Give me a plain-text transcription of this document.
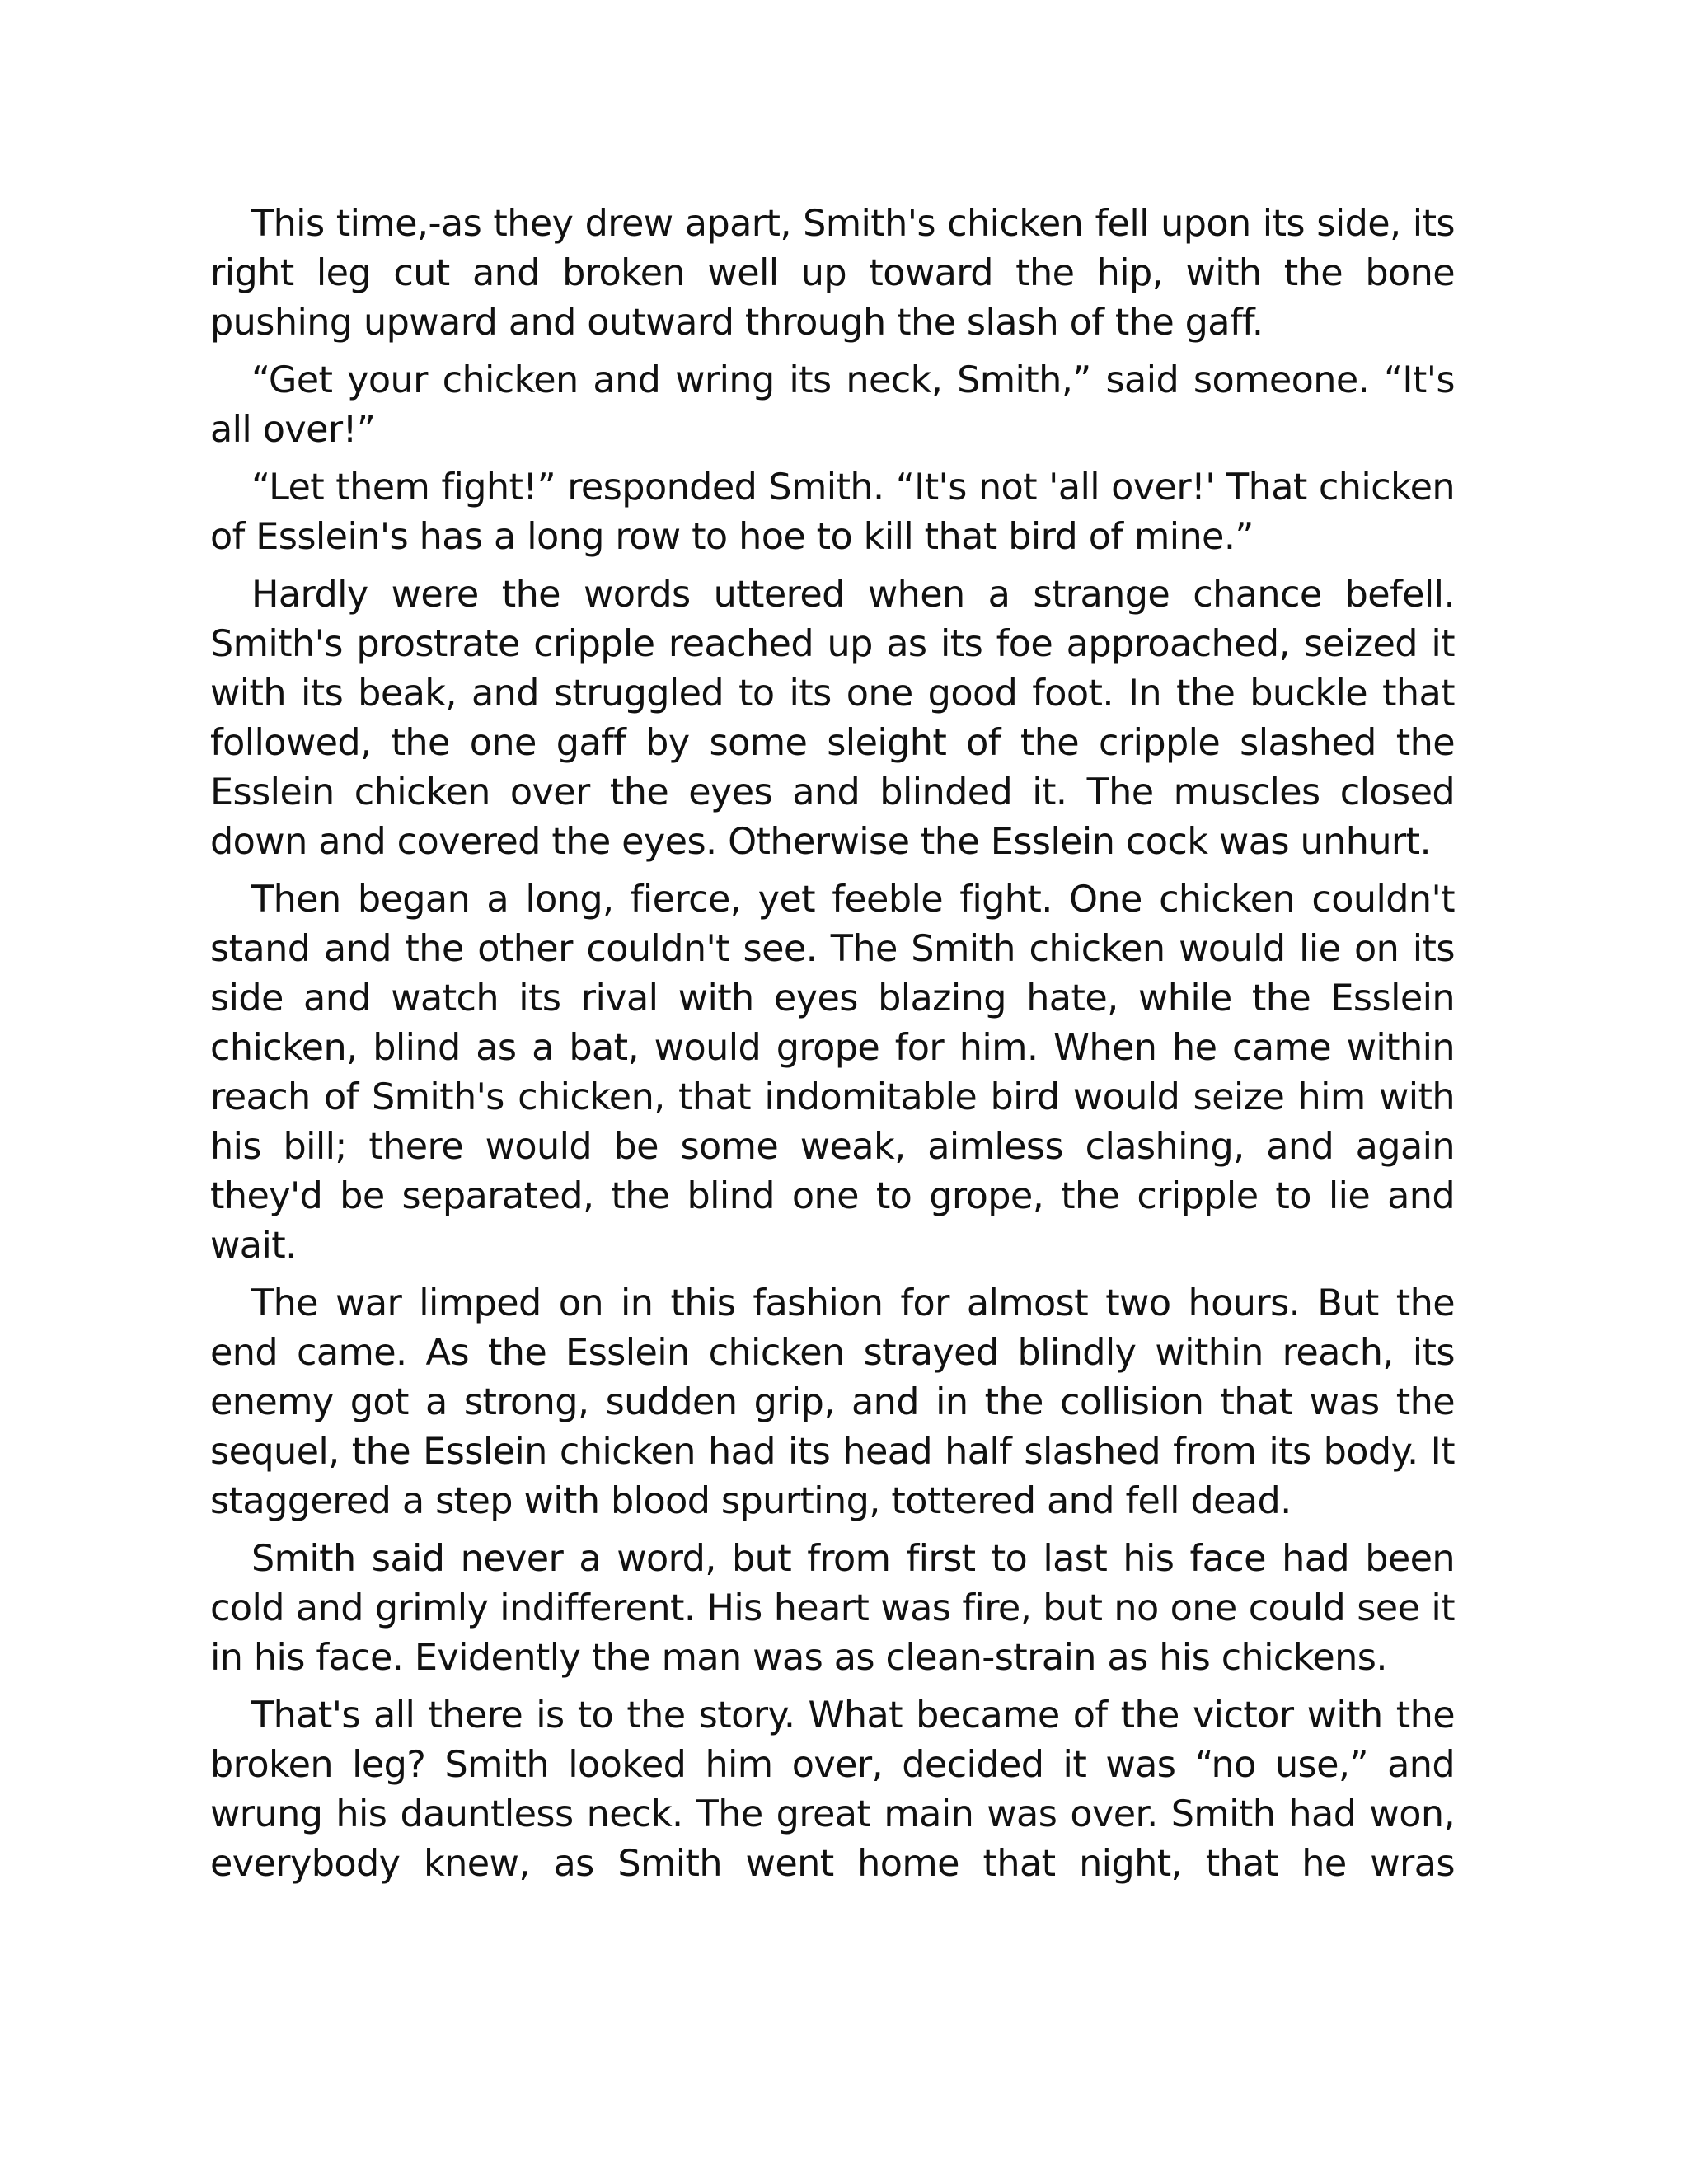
This time,-as they drew apart, Smith's chicken fell upon its side, its right leg cut and broken well up toward the hip, with the bone pushing upward and outward through the slash of the gaff.

“Get your chicken and wring its neck, Smith,” said someone. “It's all over!”

“Let them fight!” responded Smith. “It's not 'all over!' That chicken of Esslein's has a long row to hoe to kill that bird of mine.”

Hardly were the words uttered when a strange chance befell. Smith's prostrate cripple reached up as its foe approached, seized it with its beak, and struggled to its one good foot. In the buckle that followed, the one gaff by some sleight of the cripple slashed the Esslein chicken over the eyes and blinded it. The muscles closed down and covered the eyes. Otherwise the Esslein cock was unhurt.

Then began a long, fierce, yet feeble fight. One chicken couldn't stand and the other couldn't see. The Smith chicken would lie on its side and watch its rival with eyes blazing hate, while the Esslein chicken, blind as a bat, would grope for him. When he came within reach of Smith's chicken, that indomitable bird would seize him with his bill; there would be some weak, aimless clashing, and again they'd be separated, the blind one to grope, the cripple to lie and wait.

The war limped on in this fashion for almost two hours. But the end came. As the Esslein chicken strayed blindly within reach, its enemy got a strong, sudden grip, and in the collision that was the sequel, the Esslein chicken had its head half slashed from its body. It staggered a step with blood spurting, tottered and fell dead.

Smith said never a word, but from first to last his face had been cold and grimly indifferent. His heart was fire, but no one could see it in his face. Evidently the man was as clean-strain as his chickens.

That's all there is to the story. What became of the victor with the broken leg? Smith looked him over, decided it was “no use,” and wrung his dauntless neck. The great main was over. Smith had won, everybody knew, as Smith went home that night, that he wras
